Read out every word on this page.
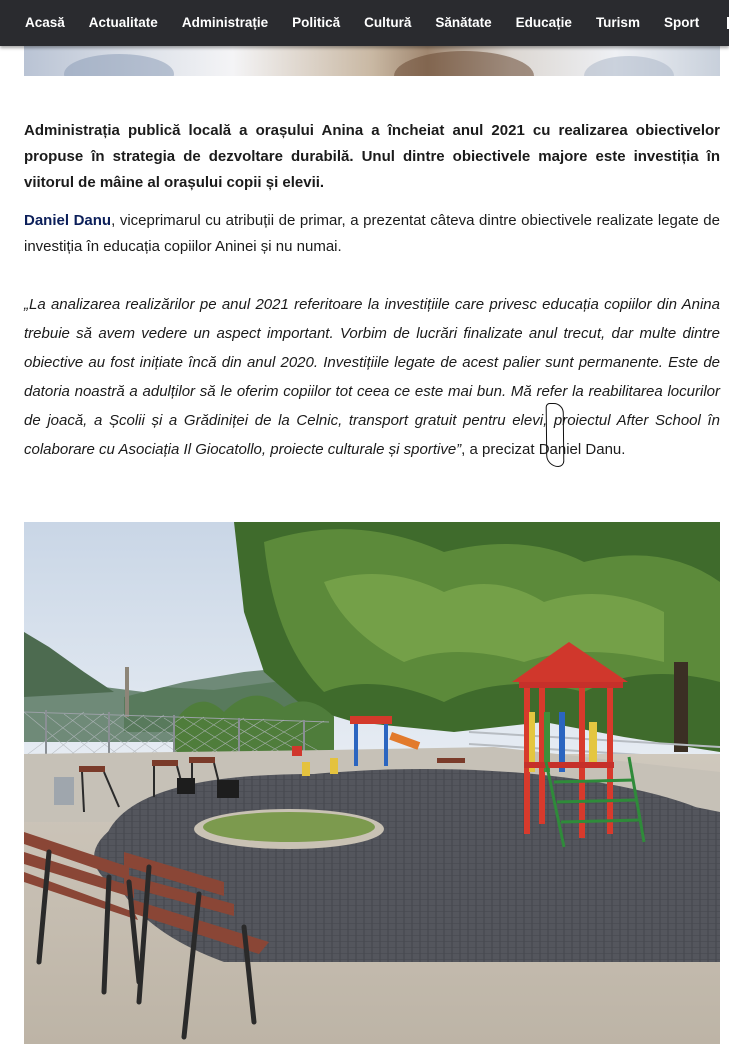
Acasă	Actualitate	Administrație	Politică	Cultură	Sănătate	Educație	Turism	Sport

Administrația publică locală a orașului Anina a încheiat anul 2021 cu realizarea obiectivelor propuse în strategia de dezvoltare durabilă. Unul dintre obiectivele majore este investiția în viitorul de mâine al orașului copii și elevii.

Daniel Danu, viceprimarul cu atribuții de primar, a prezentat câteva dintre obiectivele realizate legate de investiția în educația copiilor Aninei și nu numai.

„La analizarea realizărilor pe anul 2021 referitoare la investițiile care privesc educația copiilor din Anina trebuie să avem vedere un aspect important. Vorbim de lucrări finalizate anul trecut, dar multe dintre obiective au fost inițiate încă din anul 2020. Investițiile legate de acest palier sunt permanente. Este de datoria noastră a adulților să le oferim copiilor tot ceea ce este mai bun. Mă refer la reabilitarea locurilor de joacă, a Școlii și a Grădiniței de la Celnic, transport gratuit pentru elevi, proiectul After School în colaborare cu Asociația Il Giocatollo, proiecte culturale și sportive”, a precizat Daniel Danu.
